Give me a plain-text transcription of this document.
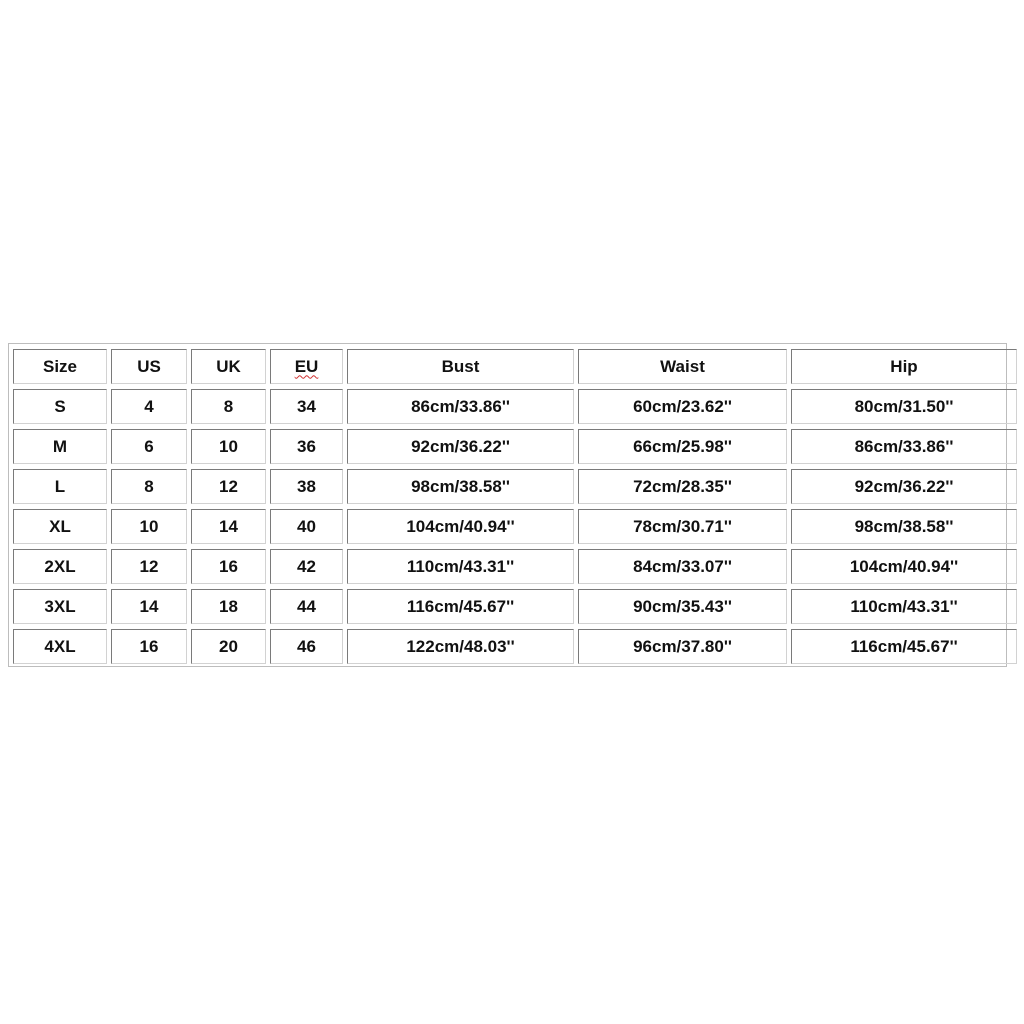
Size	US	UK	EU	Bust	Waist	Hip
S	4	8	34	86cm/33.86''	60cm/23.62''	80cm/31.50''
M	6	10	36	92cm/36.22''	66cm/25.98''	86cm/33.86''
L	8	12	38	98cm/38.58''	72cm/28.35''	92cm/36.22''
XL	10	14	40	104cm/40.94''	78cm/30.71''	98cm/38.58''
2XL	12	16	42	110cm/43.31''	84cm/33.07''	104cm/40.94''
3XL	14	18	44	116cm/45.67''	90cm/35.43''	110cm/43.31''
4XL	16	20	46	122cm/48.03''	96cm/37.80''	116cm/45.67''
